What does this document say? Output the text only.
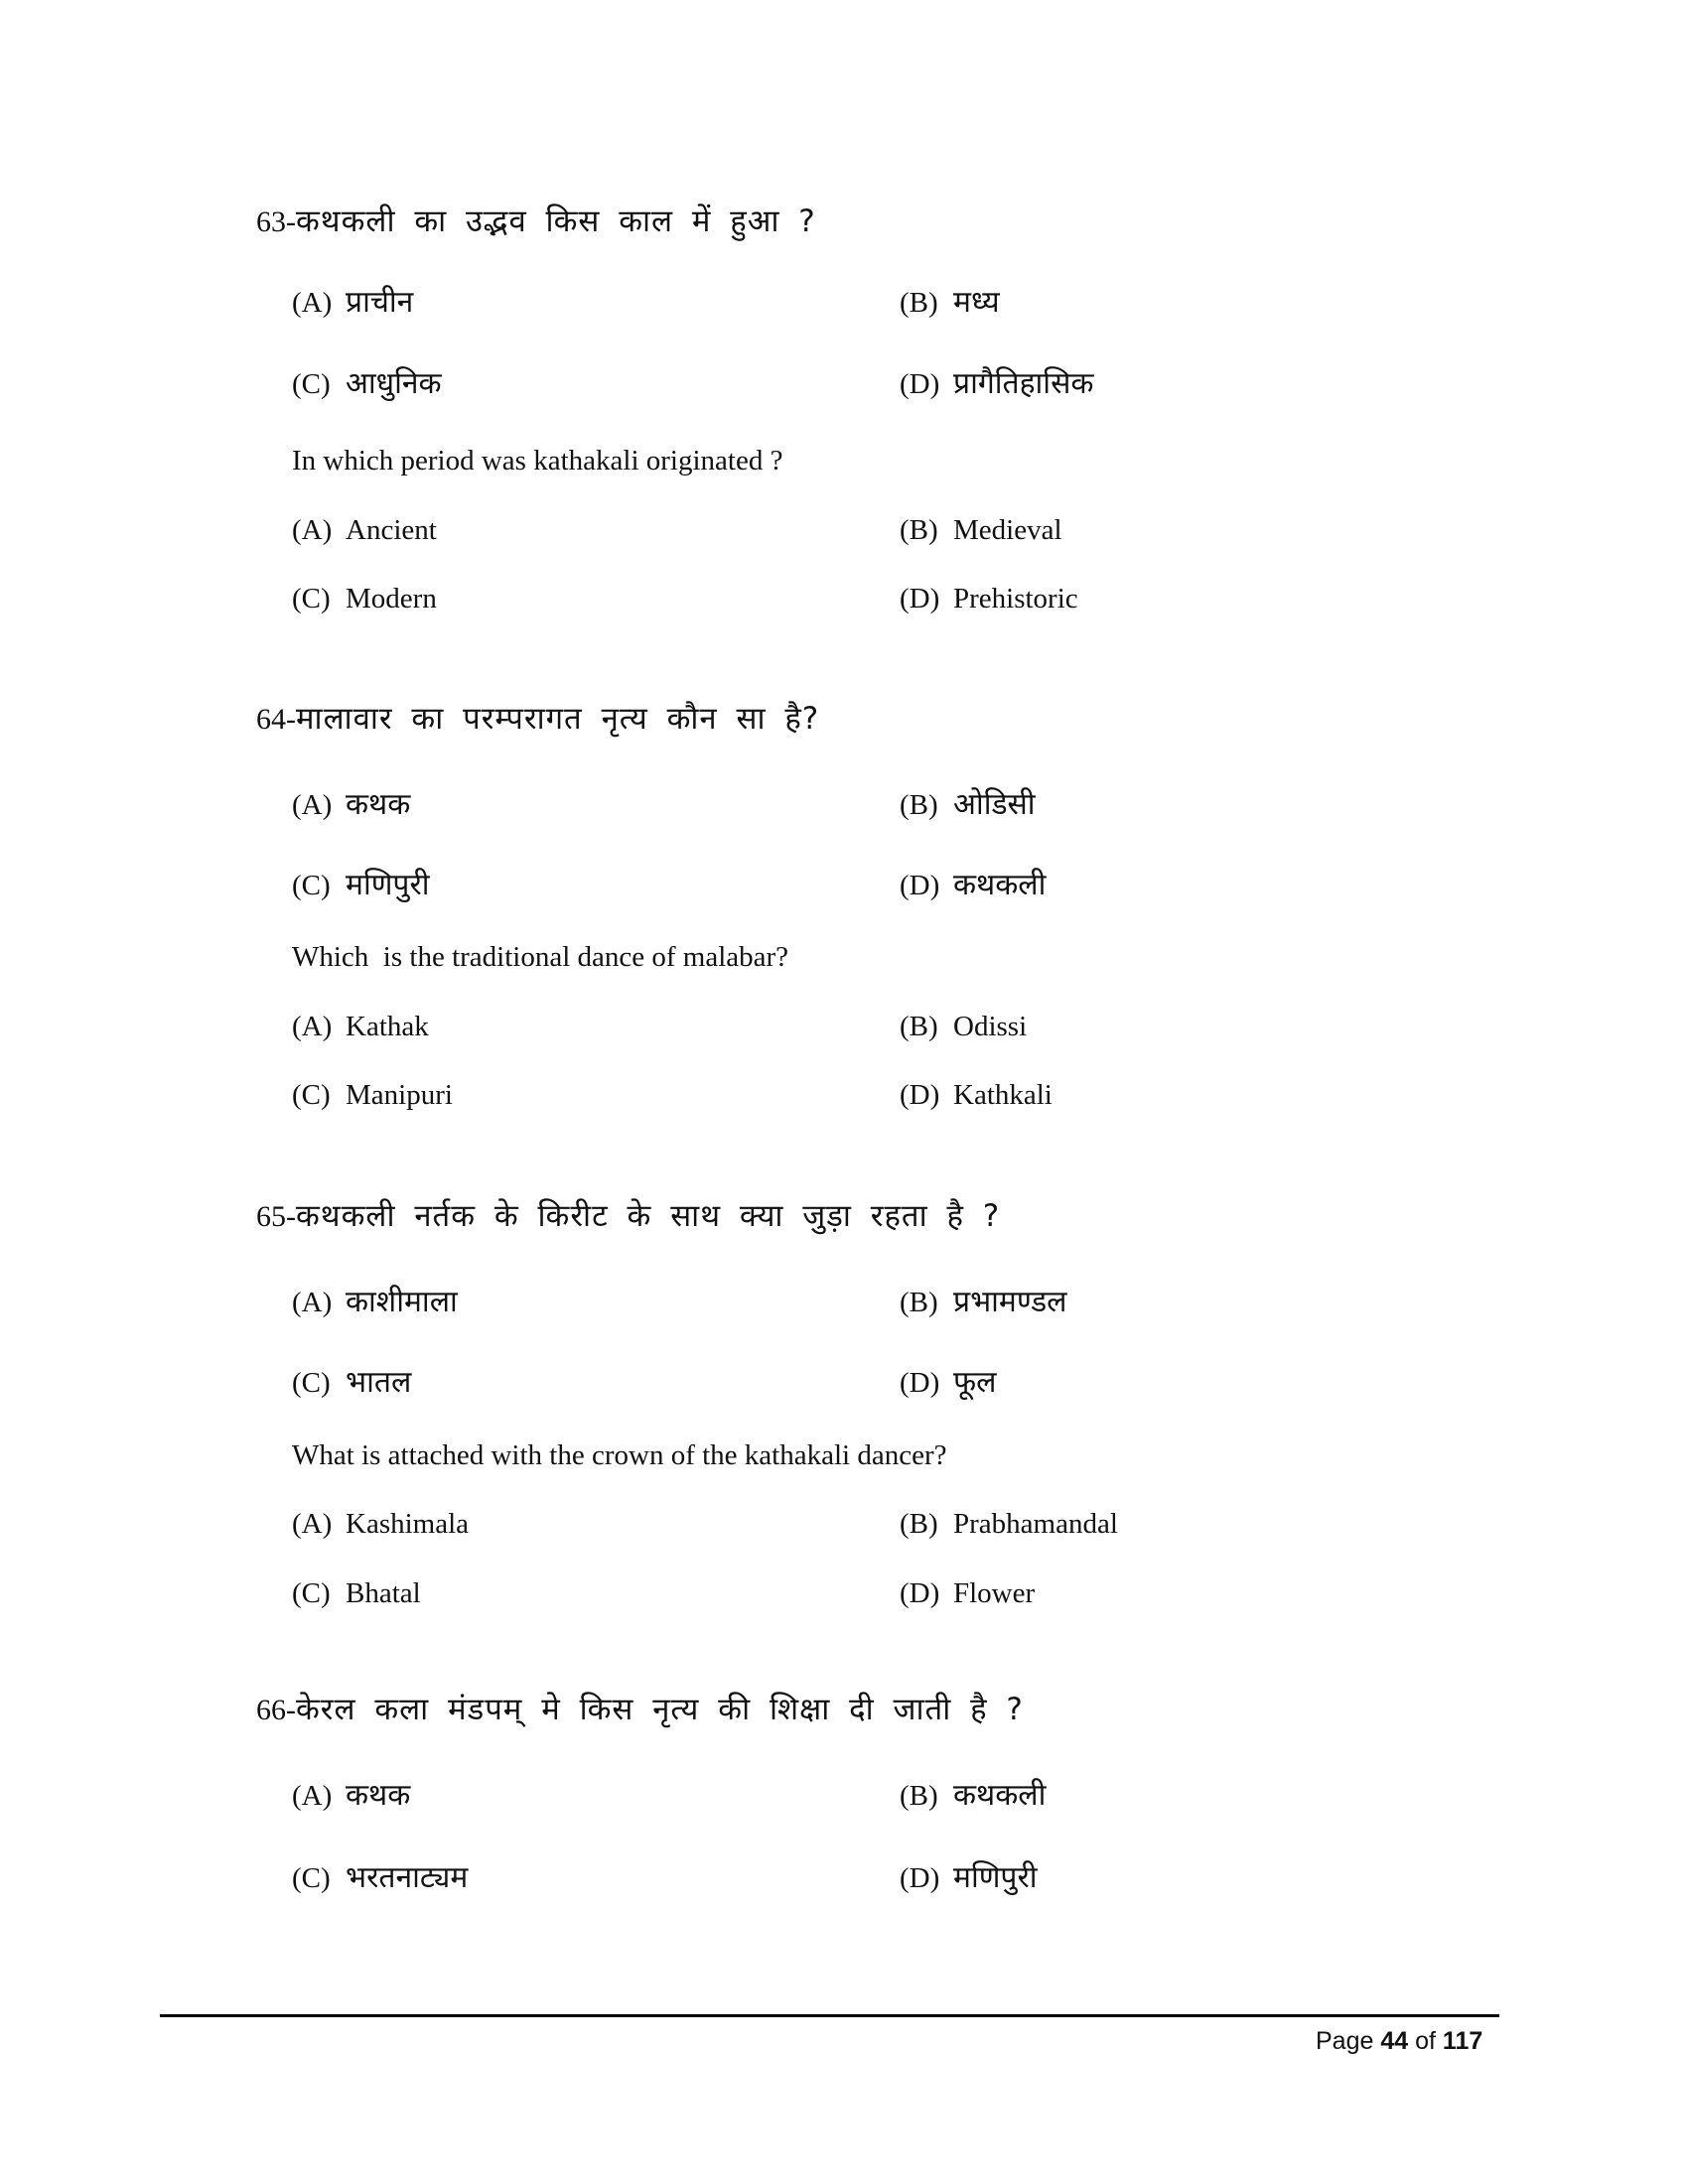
63-कथकली का उद्भव किस काल में हुआ ?
(A) प्राचीन	(B) मध्य
(C) आधुनिक	(D) प्रागैतिहासिक
In which period was kathakali originated ?
(A) Ancient	(B) Medieval
(C) Modern	(D) Prehistoric
64-मालावार का परम्परागत नृत्य कौन सा है?
(A) कथक	(B) ओडिसी
(C) मणिपुरी	(D) कथकली
Which  is the traditional dance of malabar?
(A) Kathak	(B) Odissi
(C) Manipuri	(D) Kathkali
65-कथकली नर्तक के किरीट के साथ क्या जुड़ा रहता है ?
(A) काशीमाला	(B) प्रभामण्डल
(C) भातल	(D) फूल
What is attached with the crown of the kathakali dancer?
(A) Kashimala	(B) Prabhamandal
(C) Bhatal	(D) Flower
66-केरल कला मंडपम् मे किस नृत्य की शिक्षा दी जाती है ?
(A) कथक	(B) कथकली
(C) भरतनाट्यम	(D) मणिपुरी
Page 44 of 117
